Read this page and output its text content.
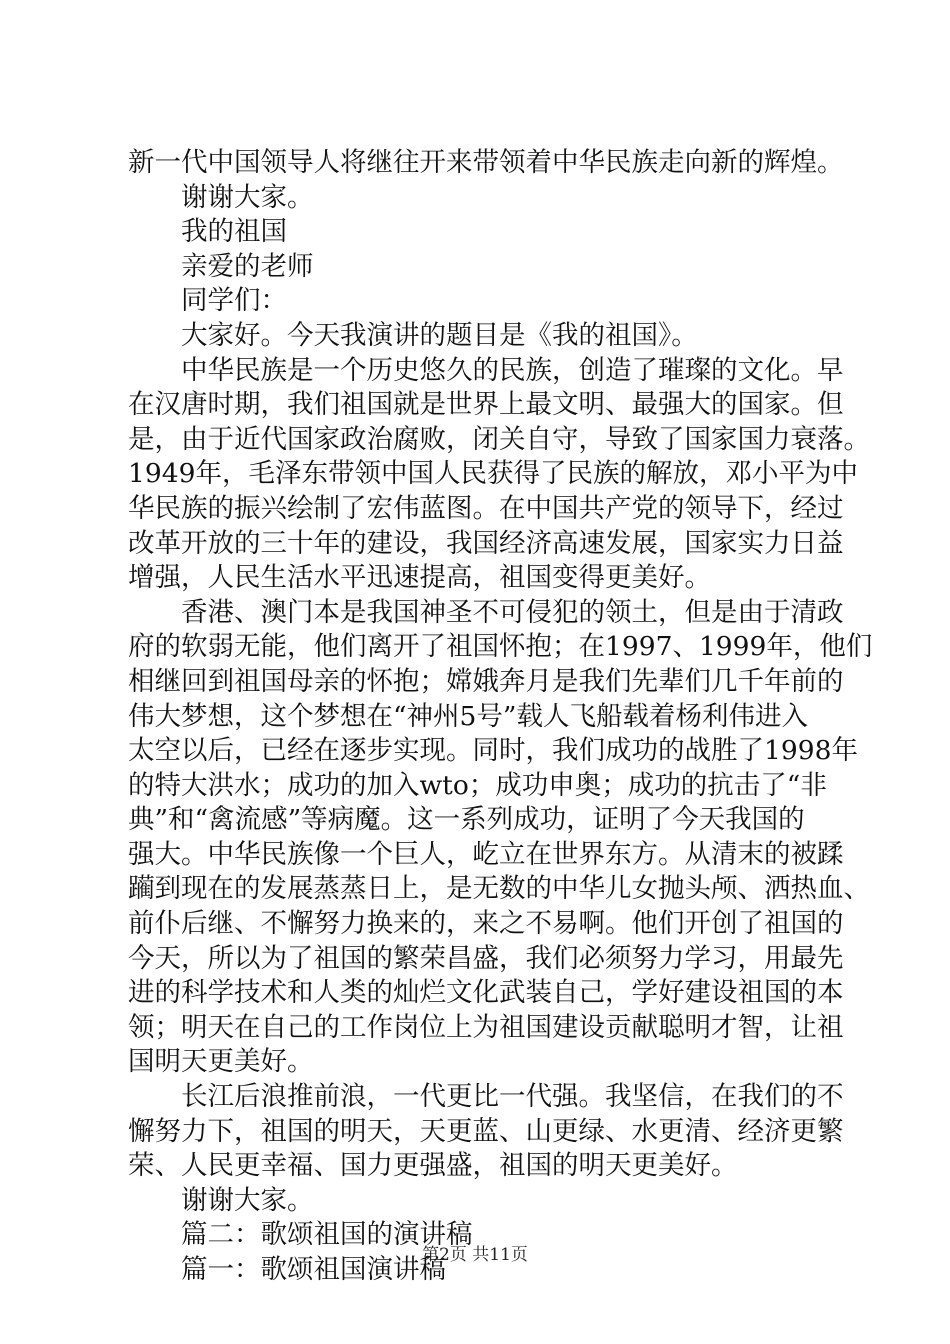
新一代中国领导人将继往开来带领着中华民族走向新的辉煌。
谢谢大家。
我的祖国
亲爱的老师
同学们：
大家好。今天我演讲的题目是《我的祖国》。
中华民族是一个历史悠久的民族，创造了璀璨的文化。早
在汉唐时期，我们祖国就是世界上最文明、最强大的国家。但
是，由于近代国家政治腐败，闭关自守，导致了国家国力衰落。
1949年，毛泽东带领中国人民获得了民族的解放，邓小平为中
华民族的振兴绘制了宏伟蓝图。在中国共产党的领导下，经过
改革开放的三十年的建设，我国经济高速发展，国家实力日益
增强，人民生活水平迅速提高，祖国变得更美好。
香港、澳门本是我国神圣不可侵犯的领土，但是由于清政
府的软弱无能，他们离开了祖国怀抱；在1997、1999年，他们
相继回到祖国母亲的怀抱；嫦娥奔月是我们先辈们几千年前的
伟大梦想，这个梦想在“神州5号”载人飞船载着杨利伟进入
太空以后，已经在逐步实现。同时，我们成功的战胜了1998年
的特大洪水；成功的加入wto；成功申奥；成功的抗击了“非
典”和“禽流感”等病魔。这一系列成功，证明了今天我国的
强大。中华民族像一个巨人，屹立在世界东方。从清末的被蹂
躏到现在的发展蒸蒸日上，是无数的中华儿女抛头颅、洒热血、
前仆后继、不懈努力换来的，来之不易啊。他们开创了祖国的
今天，所以为了祖国的繁荣昌盛，我们必须努力学习，用最先
进的科学技术和人类的灿烂文化武装自己，学好建设祖国的本
领；明天在自己的工作岗位上为祖国建设贡献聪明才智，让祖
国明天更美好。
长江后浪推前浪，一代更比一代强。我坚信，在我们的不
懈努力下，祖国的明天，天更蓝、山更绿、水更清、经济更繁
荣、人民更幸福、国力更强盛，祖国的明天更美好。
谢谢大家。
篇二：歌颂祖国的演讲稿
篇一：歌颂祖国演讲稿
第2页 共11页
